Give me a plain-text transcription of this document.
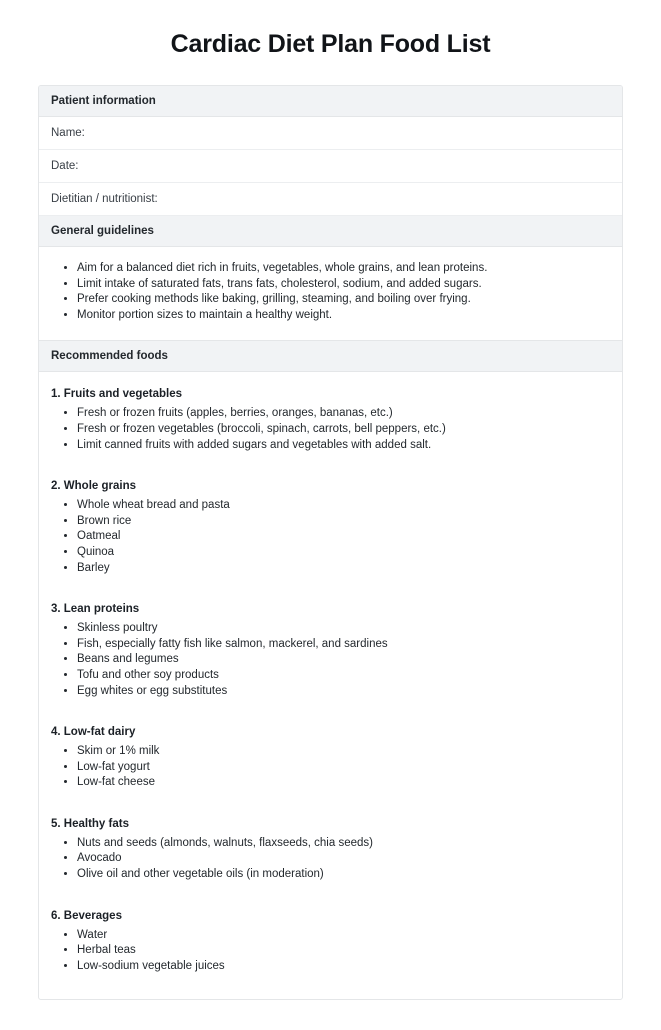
Cardiac Diet Plan Food List
Patient information
Name:
Date:
Dietitian / nutritionist:
General guidelines
• Aim for a balanced diet rich in fruits, vegetables, whole grains, and lean proteins.
• Limit intake of saturated fats, trans fats, cholesterol, sodium, and added sugars.
• Prefer cooking methods like baking, grilling, steaming, and boiling over frying.
• Monitor portion sizes to maintain a healthy weight.
Recommended foods
1. Fruits and vegetables
• Fresh or frozen fruits (apples, berries, oranges, bananas, etc.)
• Fresh or frozen vegetables (broccoli, spinach, carrots, bell peppers, etc.)
• Limit canned fruits with added sugars and vegetables with added salt.
2. Whole grains
• Whole wheat bread and pasta
• Brown rice
• Oatmeal
• Quinoa
• Barley
3. Lean proteins
• Skinless poultry
• Fish, especially fatty fish like salmon, mackerel, and sardines
• Beans and legumes
• Tofu and other soy products
• Egg whites or egg substitutes
4. Low-fat dairy
• Skim or 1% milk
• Low-fat yogurt
• Low-fat cheese
5. Healthy fats
• Nuts and seeds (almonds, walnuts, flaxseeds, chia seeds)
• Avocado
• Olive oil and other vegetable oils (in moderation)
6. Beverages
• Water
• Herbal teas
• Low-sodium vegetable juices
